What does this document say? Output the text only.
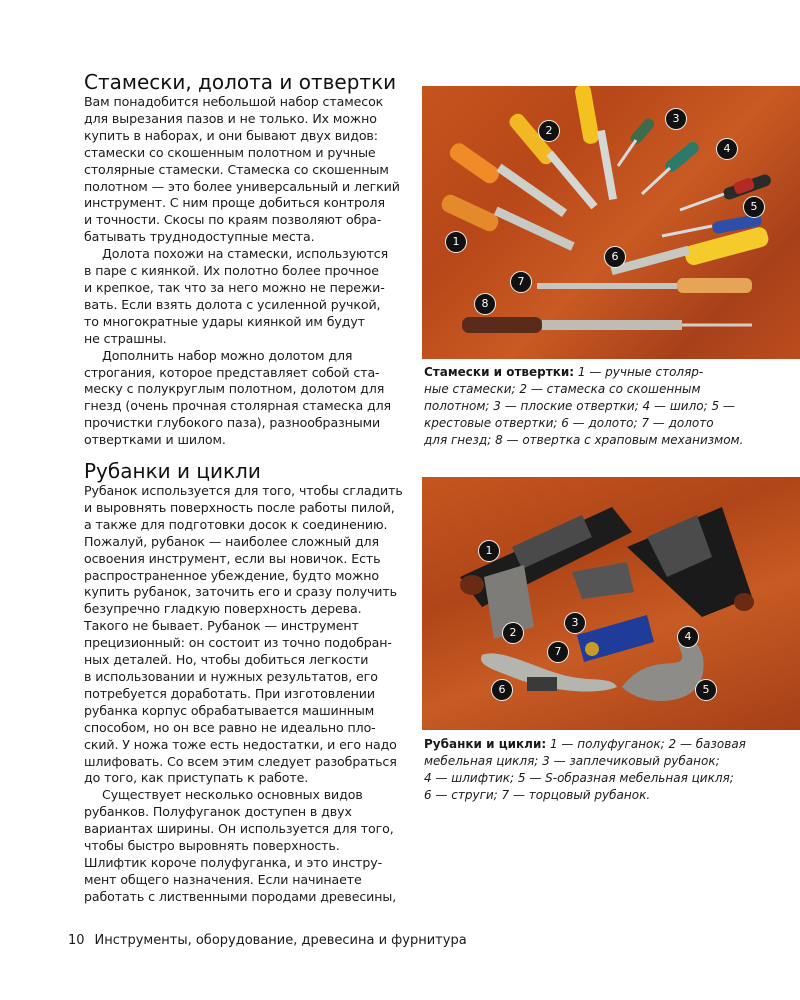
Стамески, долота и отвертки

Вам понадобится небольшой набор стамесок
для вырезания пазов и не только. Их можно
купить в наборах, и они бывают двух видов:
стамески со скошенным полотном и ручные
столярные стамески. Стамеска со скошенным
полотном — это более универсальный и легкий
инструмент. С ним проще добиться контроля
и точности. Скосы по краям позволяют обра-
батывать труднодоступные места.

Долота похожи на стамески, используются
в паре с киянкой. Их полотно более прочное
и крепкое, так что за него можно не пережи-
вать. Если взять долота с усиленной ручкой,
то многократные удары киянкой им будут
не страшны.

Дополнить набор можно долотом для
строгания, которое представляет собой ста-
меску с полукруглым полотном, долотом для
гнезд (очень прочная столярная стамеска для
прочистки глубокого паза), разнообразными
отвертками и шилом.

Рубанки и цикли

Рубанок используется для того, чтобы сгладить
и выровнять поверхность после работы пилой,
а также для подготовки досок к соединению.
Пожалуй, рубанок — наиболее сложный для
освоения инструмент, если вы новичок. Есть
распространенное убеждение, будто можно
купить рубанок, заточить его и сразу получить
безупречно гладкую поверхность дерева.
Такого не бывает. Рубанок — инструмент
прецизионный: он состоит из точно подобран-
ных деталей. Но, чтобы добиться легкости
в использовании и нужных результатов, его
потребуется доработать. При изготовлении
рубанка корпус обрабатывается машинным
способом, но он все равно не идеально пло-
ский. У ножа тоже есть недостатки, и его надо
шлифовать. Со всем этим следует разобраться
до того, как приступать к работе.

Существует несколько основных видов
рубанков. Полуфуганок доступен в двух
вариантах ширины. Он используется для того,
чтобы быстро выровнять поверхность.
Шлифтик короче полуфуганка, и это инстру-
мент общего назначения. Если начинаете
работать с лиственными породами древесины,

1
2
3
4
5
6
7
8

Стамески и отвертки: 1 — ручные столяр-
ные стамески; 2 — стамеска со скошенным
полотном; 3 — плоские отвертки; 4 — шило; 5 —
крестовые отвертки; 6 — долото; 7 — долото
для гнезд; 8 — отвертка с храповым механизмом.

1
2
3
4
5
6
7

Рубанки и цикли: 1 — полуфуганок; 2 — базовая
мебельная цикля; 3 — заплечиковый рубанок;
4 — шлифтик; 5 — S-образная мебельная цикля;
6 — струги; 7 — торцовый рубанок.

10 Инструменты, оборудование, древесина и фурнитура
